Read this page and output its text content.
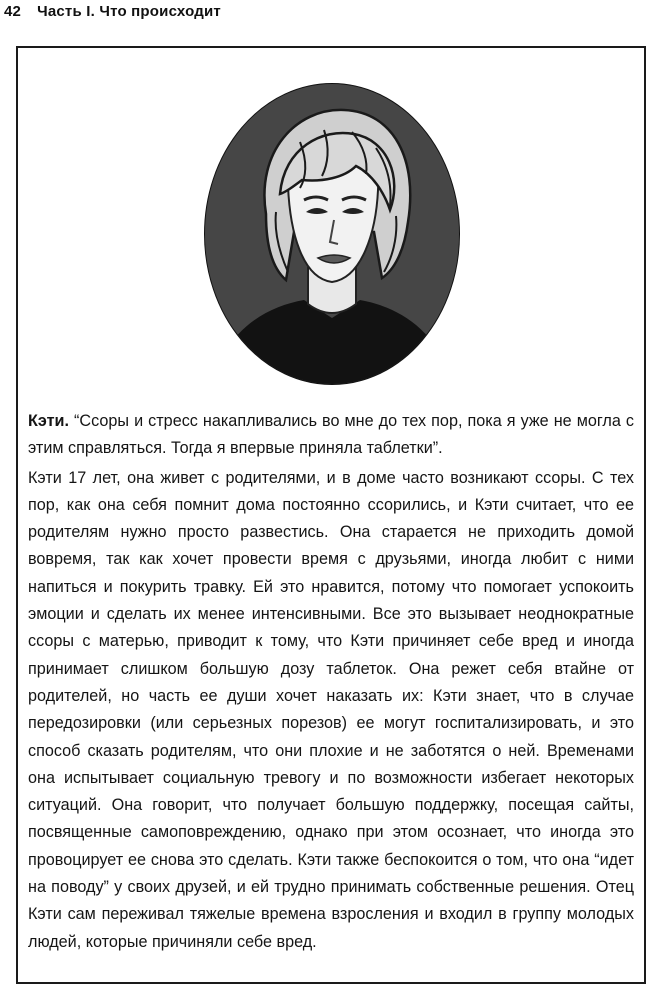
42 Часть I. Что происходит

Кэти. “Ссоры и стресс накапливались во мне до тех пор, пока я уже не могла с этим справляться. Тогда я впервые приняла таблетки”.

Кэти 17 лет, она живет с родителями, и в доме часто возникают ссоры. С тех пор, как она себя помнит дома постоянно ссорились, и Кэти считает, что ее родителям нужно просто развестись. Она старается не приходить домой вовремя, так как хочет провести время с друзьями, иногда любит с ними напиться и покурить травку. Ей это нравится, потому что помогает успокоить эмоции и сделать их менее интенсивными. Все это вызывает неоднократные ссоры с матерью, приводит к тому, что Кэти причиняет себе вред и иногда принимает слишком большую дозу таблеток. Она режет себя втайне от родителей, но часть ее души хочет наказать их: Кэти знает, что в случае передозировки (или серьезных порезов) ее могут госпитализировать, и это способ сказать родителям, что они плохие и не заботятся о ней. Временами она испытывает социальную тревогу и по возможности избегает некоторых ситуаций. Она говорит, что получает большую поддержку, посещая сайты, посвященные самоповреждению, однако при этом осознает, что иногда это провоцирует ее снова это сделать. Кэти также беспокоится о том, что она “идет на поводу” у своих друзей, и ей трудно принимать собственные решения. Отец Кэти сам переживал тяжелые времена взросления и входил в группу молодых людей, которые причиняли себе вред.
